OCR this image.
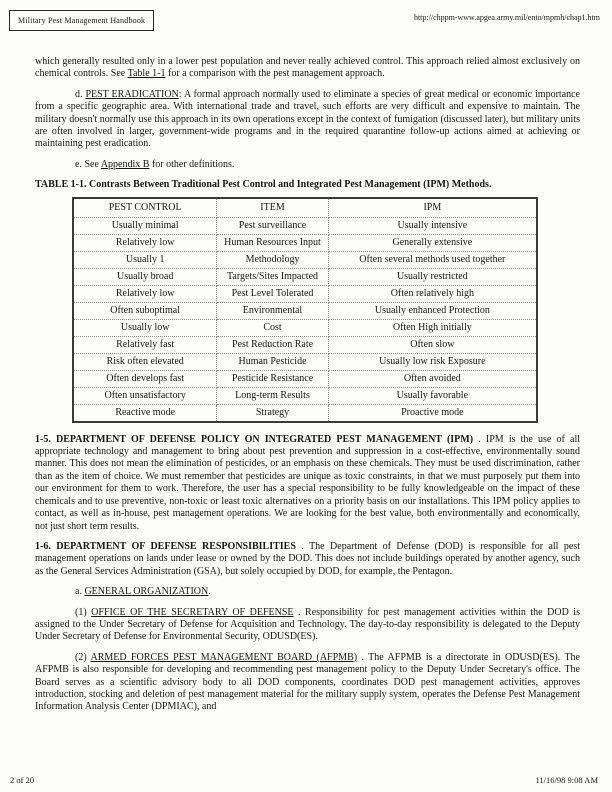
Military Pest Management Handbook	http://chppm-www.apgea.army.mil/ento/mpmh/chap1.htm

which generally resulted only in a lower pest population and never really achieved control. This approach relied almost exclusively on chemical controls. See Table 1-1 for a comparison with the pest management approach.

d. PEST ERADICATION: A formal approach normally used to eliminate a species of great medical or economic importance from a specific geographic area. With international trade and travel, such efforts are very difficult and expensive to maintain. The military doesn't normally use this approach in its own operations except in the context of fumigation (discussed later), but military units are often involved in larger, government-wide programs and in the required quarantine follow-up actions aimed at achieving or maintaining pest eradication.

e. See Appendix B for other definitions.

TABLE 1-1. Contrasts Between Traditional Pest Control and Integrated Pest Management (IPM) Methods.

PEST CONTROL	ITEM	IPM
Usually minimal	Pest surveillance	Usually intensive
Relatively low	Human Resources Input	Generally extensive
Usually 1	Methodology	Often several methods used together
Usually broad	Targets/Sites Impacted	Usually restricted
Relatively low	Pest Level Tolerated	Often relatively high
Often suboptimal	Environmental	Usually enhanced Protection
Usually low	Cost	Often High initially
Relatively fast	Pest Reduction Rate	Often slow
Risk often elevated	Human Pesticide	Usually low risk Exposure
Often develops fast	Pesticide Resistance	Often avoided
Often unsatisfactory	Long-term Results	Usually favorable
Reactive mode	Strategy	Proactive mode

1-5. DEPARTMENT OF DEFENSE POLICY ON INTEGRATED PEST MANAGEMENT (IPM) . IPM is the use of all appropriate technology and management to bring about pest prevention and suppression in a cost-effective, environmentally sound manner. This does not mean the elimination of pesticides, or an emphasis on these chemicals. They must be used discrimination, rather than as the item of choice. We must remember that pesticides are unique as toxic constraints, in that we must purposely put them into our environment for them to work. Therefore, the user has a special responsibility to be fully knowledgeable on the impact of these chemicals and to use preventive, non-toxic or least toxic alternatives on a priority basis on our installations. This IPM policy applies to contact, as well as in-house, pest management operations. We are looking for the best value, both environmentally and economically, not just short term results.

1-6. DEPARTMENT OF DEFENSE RESPONSIBILITIES . The Department of Defense (DOD) is responsible for all pest management operations on lands under lease or owned by the DOD. This does not include buildings operated by another agency, such as the General Services Administration (GSA), but solely occupied by DOD, for example, the Pentagon.

a. GENERAL ORGANIZATION.

(1) OFFICE OF THE SECRETARY OF DEFENSE . Responsibility for pest management activities within the DOD is assigned to the Under Secretary of Defense for Acquisition and Technology. The day-to-day responsibility is delegated to the Deputy Under Secretary of Defense for Environmental Security, ODUSD(ES).

(2) ARMED FORCES PEST MANAGEMENT BOARD (AFPMB) . The AFPMB is a directorate in ODUSD(ES). The AFPMB is also responsible for developing and recommending pest management policy to the Deputy Under Secretary's office. The Board serves as a scientific advisory body to all DOD components, coordinates DOD pest management activities, approves introduction, stocking and deletion of pest management material for the military supply system, operates the Defense Pest Management Information Analysis Center (DPMIAC), and

2 of 20	11/16/98 9:08 AM
